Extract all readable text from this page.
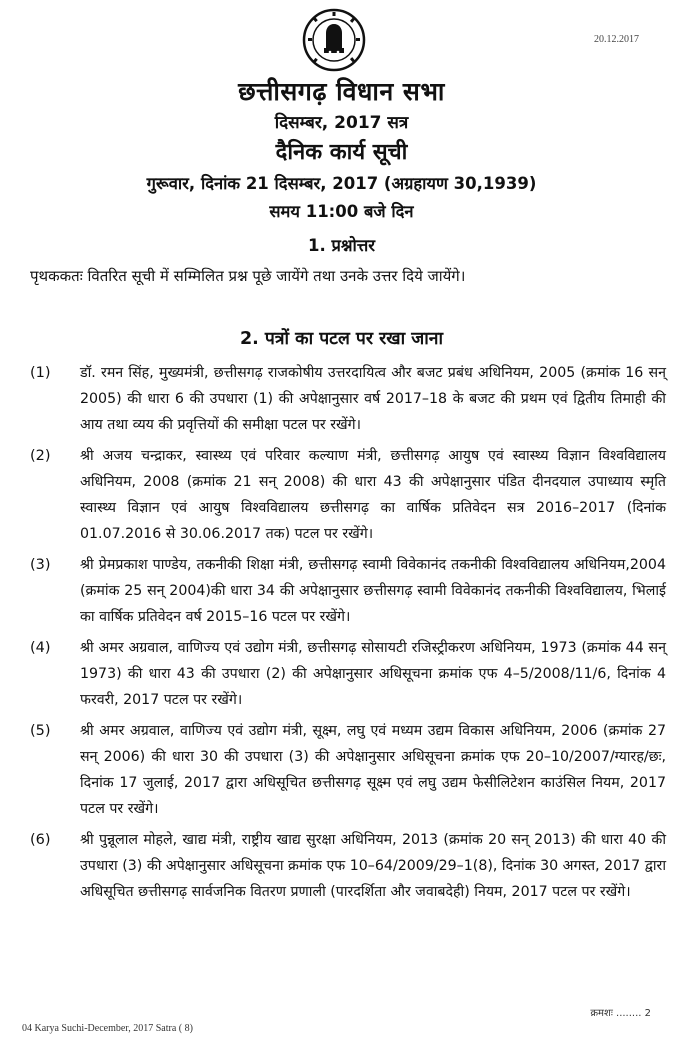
20.12.2017
छत्तीसगढ़ विधान सभा
दिसम्बर, 2017 सत्र
दैनिक कार्य सूची
गुरूवार, दिनांक 21 दिसम्बर, 2017 (अग्रहायण 30,1939)
समय 11:00 बजे दिन
1. प्रश्नोत्तर
पृथककतः वितरित सूची में सम्मिलित प्रश्न पूछे जायेंगे तथा उनके उत्तर दिये जायेंगे।
2. पत्रों का पटल पर रखा जाना
(1)	डॉ. रमन सिंह, मुख्यमंत्री, छत्तीसगढ़ राजकोषीय उत्तरदायित्व और बजट प्रबंध अधिनियम, 2005 (क्रमांक 16 सन् 2005) की धारा 6 की उपधारा (1) की अपेक्षानुसार वर्ष 2017–18 के बजट की प्रथम एवं द्वितीय तिमाही की आय तथा व्यय की प्रवृत्तियों की समीक्षा पटल पर रखेंगे।
(2)	श्री अजय चन्द्राकर, स्वास्थ्य एवं परिवार कल्याण मंत्री, छत्तीसगढ़ आयुष एवं स्वास्थ्य विज्ञान विश्वविद्यालय अधिनियम, 2008 (क्रमांक 21 सन् 2008) की धारा 43 की अपेक्षानुसार पंडित दीनदयाल उपाध्याय स्मृति स्वास्थ्य विज्ञान एवं आयुष विश्वविद्यालय छत्तीसगढ़ का वार्षिक प्रतिवेदन सत्र 2016–2017 (दिनांक 01.07.2016 से 30.06.2017 तक) पटल पर रखेंगे।
(3)	श्री प्रेमप्रकाश पाण्डेय, तकनीकी शिक्षा मंत्री, छत्तीसगढ़ स्वामी विवेकानंद तकनीकी विश्वविद्यालय अधिनियम,2004 (क्रमांक 25 सन् 2004)की धारा 34 की अपेक्षानुसार छत्तीसगढ़ स्वामी विवेकानंद तकनीकी विश्वविद्यालय, भिलाई का वार्षिक प्रतिवेदन वर्ष 2015–16 पटल पर रखेंगे।
(4)	श्री अमर अग्रवाल, वाणिज्य एवं उद्योग मंत्री, छत्तीसगढ़ सोसायटी रजिस्ट्रीकरण अधिनियम, 1973 (क्रमांक 44 सन् 1973) की धारा 43 की उपधारा (2) की अपेक्षानुसार अधिसूचना क्रमांक एफ 4–5/2008/11/6, दिनांक 4 फरवरी, 2017 पटल पर रखेंगे।
(5)	श्री अमर अग्रवाल, वाणिज्य एवं उद्योग मंत्री, सूक्ष्म, लघु एवं मध्यम उद्यम विकास अधिनियम, 2006 (क्रमांक 27 सन् 2006) की धारा 30 की उपधारा (3) की अपेक्षानुसार अधिसूचना क्रमांक एफ 20–10/2007/ग्यारह/छः, दिनांक 17 जुलाई, 2017 द्वारा अधिसूचित छत्तीसगढ़ सूक्ष्म एवं लघु उद्यम फेसीलिटेशन काउंसिल नियम, 2017 पटल पर रखेंगे।
(6)	श्री पुन्नूलाल मोहले, खाद्य मंत्री, राष्ट्रीय खाद्य सुरक्षा अधिनियम, 2013 (क्रमांक 20 सन् 2013) की धारा 40 की उपधारा (3) की अपेक्षानुसार अधिसूचना क्रमांक एफ 10–64/2009/29–1(8), दिनांक 30 अगस्त, 2017 द्वारा अधिसूचित छत्तीसगढ़ सार्वजनिक वितरण प्रणाली (पारदर्शिता और जवाबदेही) नियम, 2017 पटल पर रखेंगे।
क्रमशः ........ 2
04 Karya Suchi-December, 2017 Satra ( 8)
